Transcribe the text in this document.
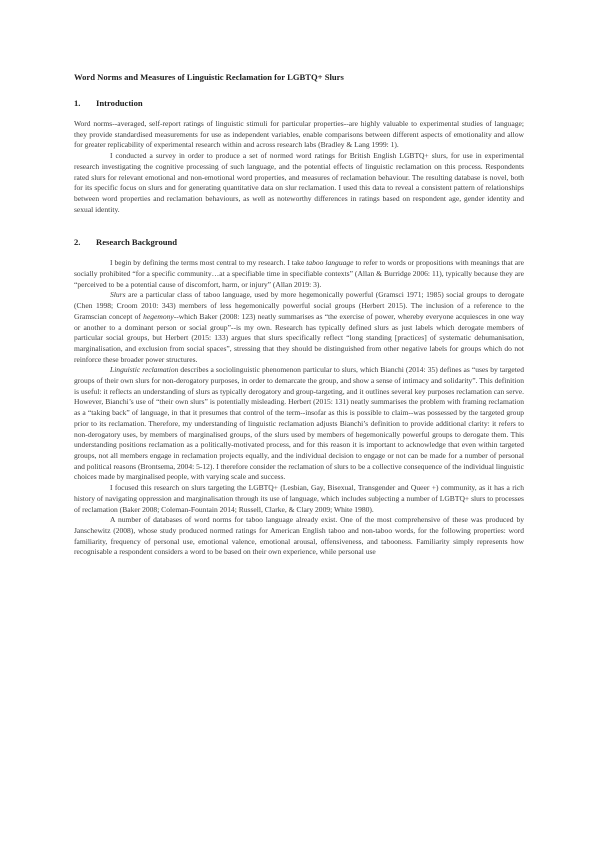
Word Norms and Measures of Linguistic Reclamation for LGBTQ+ Slurs
1.	Introduction

Word norms--averaged, self-report ratings of linguistic stimuli for particular properties--are highly valuable to experimental studies of language; they provide standardised measurements for use as independent variables, enable comparisons between different aspects of emotionality and allow for greater replicability of experimental research within and across research labs (Bradley & Lang 1999: 1).

I conducted a survey in order to produce a set of normed word ratings for British English LGBTQ+ slurs, for use in experimental research investigating the cognitive processing of such language, and the potential effects of linguistic reclamation on this process. Respondents rated slurs for relevant emotional and non-emotional word properties, and measures of reclamation behaviour. The resulting database is novel, both for its specific focus on slurs and for generating quantitative data on slur reclamation. I used this data to reveal a consistent pattern of relationships between word properties and reclamation behaviours, as well as noteworthy differences in ratings based on respondent age, gender identity and sexual identity.

2.	Research Background

I begin by defining the terms most central to my research. I take taboo language to refer to words or propositions with meanings that are socially prohibited “for a specific community…at a specifiable time in specifiable contexts” (Allan & Burridge 2006: 11), typically because they are “perceived to be a potential cause of discomfort, harm, or injury” (Allan 2019: 3).

Slurs are a particular class of taboo language, used by more hegemonically powerful (Gramsci 1971; 1985) social groups to derogate (Chen 1998; Croom 2010: 343) members of less hegemonically powerful social groups (Herbert 2015). The inclusion of a reference to the Gramscian concept of hegemony--which Baker (2008: 123) neatly summarises as “the exercise of power, whereby everyone acquiesces in one way or another to a dominant person or social group”--is my own. Research has typically defined slurs as just labels which derogate members of particular social groups, but Herbert (2015: 133) argues that slurs specifically reflect “long standing [practices] of systematic dehumanisation, marginalisation, and exclusion from social spaces”, stressing that they should be distinguished from other negative labels for groups which do not reinforce these broader power structures.

Linguistic reclamation describes a sociolinguistic phenomenon particular to slurs, which Bianchi (2014: 35) defines as “uses by targeted groups of their own slurs for non-derogatory purposes, in order to demarcate the group, and show a sense of intimacy and solidarity”. This definition is useful: it reflects an understanding of slurs as typically derogatory and group-targeting, and it outlines several key purposes reclamation can serve. However, Bianchi’s use of “their own slurs” is potentially misleading. Herbert (2015: 131) neatly summarises the problem with framing reclamation as a “taking back” of language, in that it presumes that control of the term--insofar as this is possible to claim--was possessed by the targeted group prior to its reclamation. Therefore, my understanding of linguistic reclamation adjusts Bianchi’s definition to provide additional clarity: it refers to non-derogatory uses, by members of marginalised groups, of the slurs used by members of hegemonically powerful groups to derogate them. This understanding positions reclamation as a politically-motivated process, and for this reason it is important to acknowledge that even within targeted groups, not all members engage in reclamation projects equally, and the individual decision to engage or not can be made for a number of personal and political reasons (Brontsema, 2004: 5-12). I therefore consider the reclamation of slurs to be a collective consequence of the individual linguistic choices made by marginalised people, with varying scale and success.

I focused this research on slurs targeting the LGBTQ+ (Lesbian, Gay, Bisexual, Transgender and Queer +) community, as it has a rich history of navigating oppression and marginalisation through its use of language, which includes subjecting a number of LGBTQ+ slurs to processes of reclamation (Baker 2008; Coleman-Fountain 2014; Russell, Clarke, & Clary 2009; White 1980).

A number of databases of word norms for taboo language already exist. One of the most comprehensive of these was produced by Janschewitz (2008), whose study produced normed ratings for American English taboo and non-taboo words, for the following properties: word familiarity, frequency of personal use, emotional valence, emotional arousal, offensiveness, and tabooness. Familiarity simply represents how recognisable a respondent considers a word to be based on their own experience, while personal use
